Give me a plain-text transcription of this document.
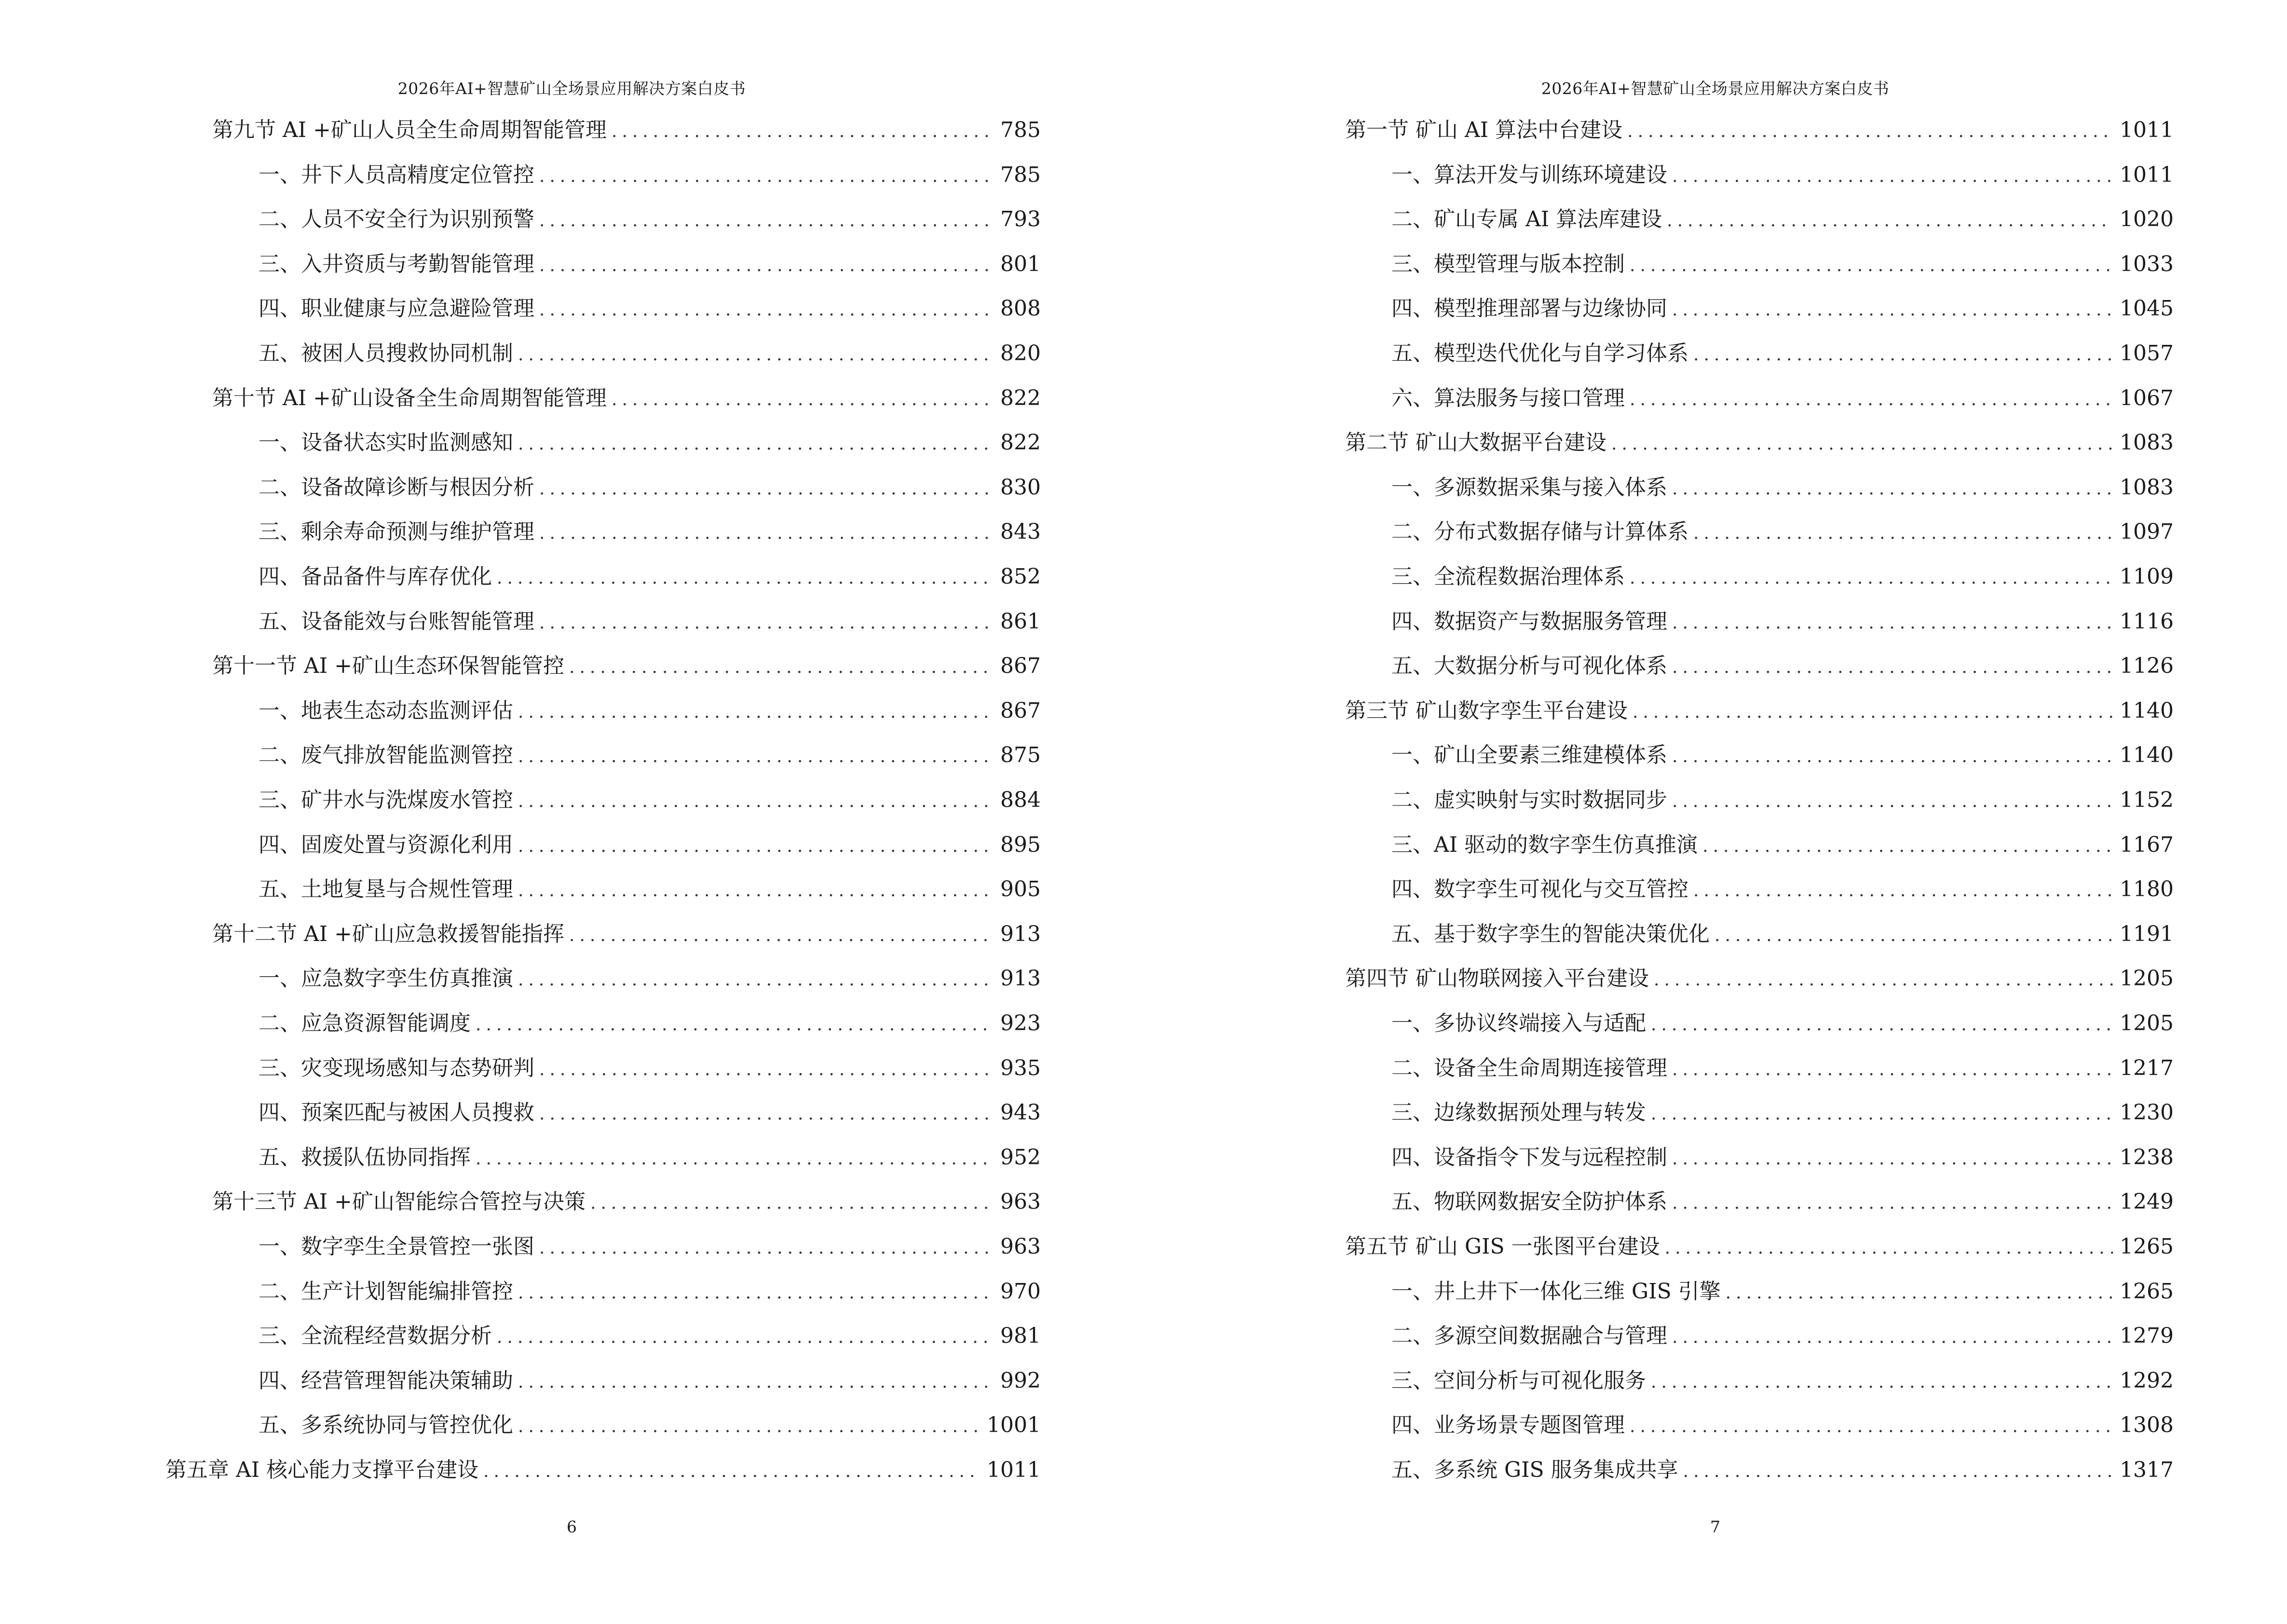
2026年AI+智慧矿山全场景应用解决方案白皮书
第九节 AI +矿山人员全生命周期智能管理 .....	785
一、井下人员高精度定位管控 .....	785
二、人员不安全行为识别预警 .....	793
三、入井资质与考勤智能管理 .....	801
四、职业健康与应急避险管理 .....	808
五、被困人员搜救协同机制 .....	820
第十节 AI +矿山设备全生命周期智能管理 .....	822
一、设备状态实时监测感知 .....	822
二、设备故障诊断与根因分析 .....	830
三、剩余寿命预测与维护管理 .....	843
四、备品备件与库存优化 .....	852
五、设备能效与台账智能管理 .....	861
第十一节 AI +矿山生态环保智能管控 .....	867
一、地表生态动态监测评估 .....	867
二、废气排放智能监测管控 .....	875
三、矿井水与洗煤废水管控 .....	884
四、固废处置与资源化利用 .....	895
五、土地复垦与合规性管理 .....	905
第十二节 AI +矿山应急救援智能指挥 .....	913
一、应急数字孪生仿真推演 .....	913
二、应急资源智能调度 .....	923
三、灾变现场感知与态势研判 .....	935
四、预案匹配与被困人员搜救 .....	943
五、救援队伍协同指挥 .....	952
第十三节 AI +矿山智能综合管控与决策 .....	963
一、数字孪生全景管控一张图 .....	963
二、生产计划智能编排管控 .....	970
三、全流程经营数据分析 .....	981
四、经营管理智能决策辅助 .....	992
五、多系统协同与管控优化 .....	1001
第五章 AI 核心能力支撑平台建设 .....	1011
6
2026年AI+智慧矿山全场景应用解决方案白皮书
第一节 矿山 AI 算法中台建设 .....	1011
一、算法开发与训练环境建设 .....	1011
二、矿山专属 AI 算法库建设 .....	1020
三、模型管理与版本控制 .....	1033
四、模型推理部署与边缘协同 .....	1045
五、模型迭代优化与自学习体系 .....	1057
六、算法服务与接口管理 .....	1067
第二节 矿山大数据平台建设 .....	1083
一、多源数据采集与接入体系 .....	1083
二、分布式数据存储与计算体系 .....	1097
三、全流程数据治理体系 .....	1109
四、数据资产与数据服务管理 .....	1116
五、大数据分析与可视化体系 .....	1126
第三节 矿山数字孪生平台建设 .....	1140
一、矿山全要素三维建模体系 .....	1140
二、虚实映射与实时数据同步 .....	1152
三、AI 驱动的数字孪生仿真推演 .....	1167
四、数字孪生可视化与交互管控 .....	1180
五、基于数字孪生的智能决策优化 .....	1191
第四节 矿山物联网接入平台建设 .....	1205
一、多协议终端接入与适配 .....	1205
二、设备全生命周期连接管理 .....	1217
三、边缘数据预处理与转发 .....	1230
四、设备指令下发与远程控制 .....	1238
五、物联网数据安全防护体系 .....	1249
第五节 矿山 GIS 一张图平台建设 .....	1265
一、井上井下一体化三维 GIS 引擎 .....	1265
二、多源空间数据融合与管理 .....	1279
三、空间分析与可视化服务 .....	1292
四、业务场景专题图管理 .....	1308
五、多系统 GIS 服务集成共享 .....	1317
7
